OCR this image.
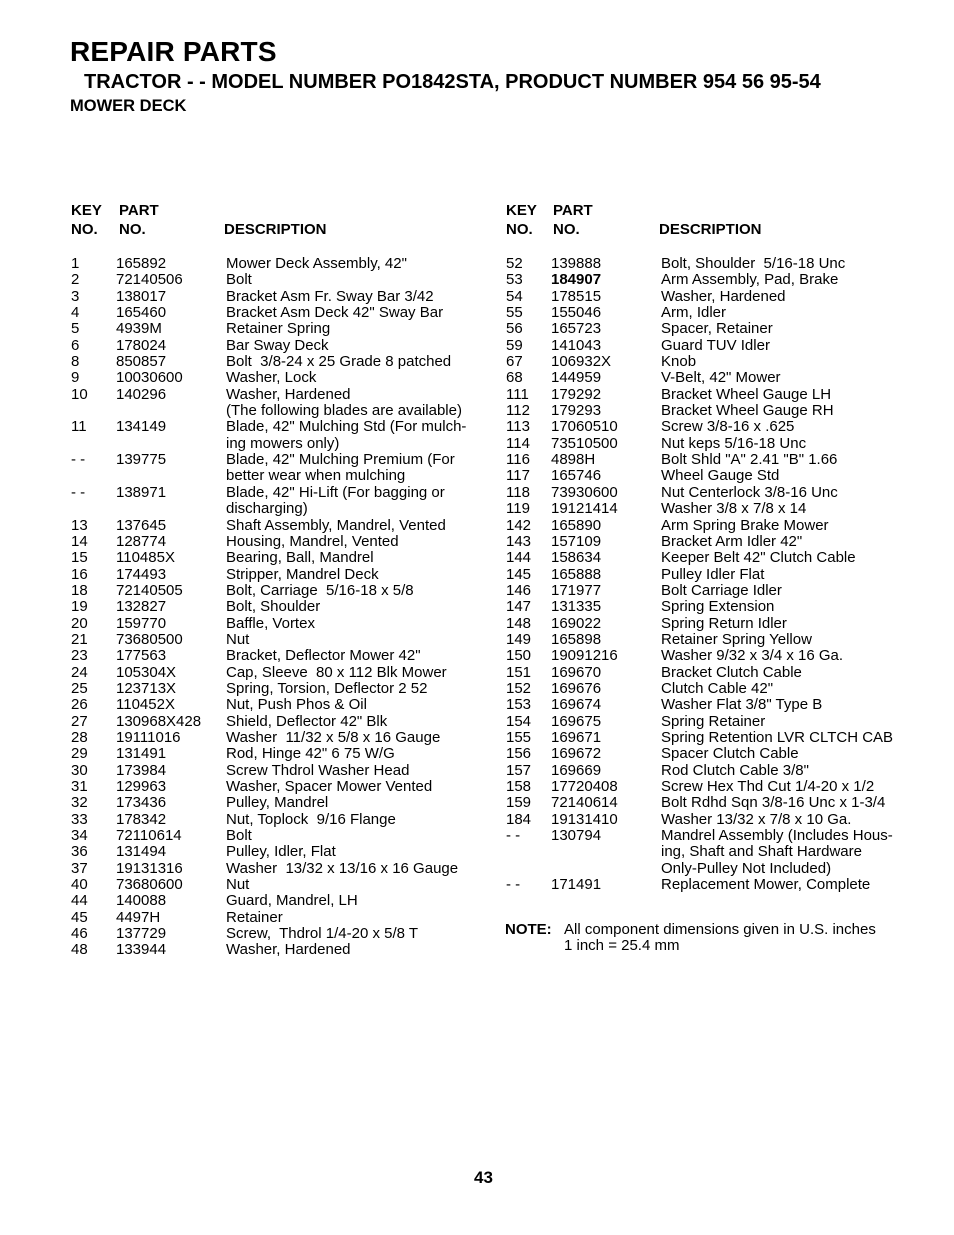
REPAIR PARTS
TRACTOR - - MODEL NUMBER PO1842STA, PRODUCT NUMBER 954 56 95-54
MOWER DECK
KEY
NO.
PART
NO.	DESCRIPTION
1 165892	Mower Deck Assembly, 42"
2 72140506	Bolt
3 138017	Bracket Asm Fr. Sway Bar 3/42
4 165460	Bracket Asm Deck 42" Sway Bar
5 4939M	Retainer Spring
6 178024	Bar Sway Deck
8 850857	Bolt  3/8-24 x 25 Grade 8 patched
9 10030600	Washer, Lock
10 140296	Washer, Hardened
(The following blades are available)
11 134149	Blade, 42" Mulching Std (For mulch-
ing mowers only)
- - 139775	Blade, 42" Mulching Premium (For
better wear when mulching
- - 138971	Blade, 42" Hi-Lift (For bagging or
discharging)
13 137645	Shaft Assembly, Mandrel, Vented
14 128774	Housing, Mandrel, Vented
15 110485X	Bearing, Ball, Mandrel
16 174493	Stripper, Mandrel Deck
18 72140505	Bolt, Carriage  5/16-18 x 5/8
19 132827	Bolt, Shoulder
20 159770	Baffle, Vortex
21 73680500	Nut
23 177563	Bracket, Deflector Mower 42"
24 105304X	Cap, Sleeve  80 x 112 Blk Mower
25 123713X	Spring, Torsion, Deflector 2 52
26 110452X	Nut, Push Phos & Oil
27 130968X428 Shield, Deflector 42" Blk
28 19111016	Washer  11/32 x 5/8 x 16 Gauge
29 131491	Rod, Hinge 42" 6 75 W/G
30 173984	Screw Thdrol Washer Head
31 129963	Washer, Spacer Mower Vented
32 173436	Pulley, Mandrel
33 178342	Nut, Toplock  9/16 Flange
34 72110614	Bolt
36 131494	Pulley, Idler, Flat
37 19131316	Washer  13/32 x 13/16 x 16 Gauge
40 73680600	Nut
44 140088	Guard, Mandrel, LH
45 4497H	Retainer
46 137729	Screw,  Thdrol 1/4-20 x 5/8 T
48 133944	Washer, Hardened
KEY
NO.
PART
NO.	DESCRIPTION
52 139888	Bolt, Shoulder  5/16-18 Unc
53 184907	Arm Assembly, Pad, Brake
54 178515	Washer, Hardened
55 155046	Arm, Idler
56 165723	Spacer, Retainer
59 141043	Guard TUV Idler
67 106932X	Knob
68 144959	V-Belt, 42" Mower
111 179292	Bracket Wheel Gauge LH
112 179293	Bracket Wheel Gauge RH
113 17060510	Screw 3/8-16 x .625
114 73510500	Nut keps 5/16-18 Unc
116 4898H	Bolt Shld "A" 2.41 "B" 1.66
117 165746	Wheel Gauge Std
118 73930600	Nut Centerlock 3/8-16 Unc
119 19121414	Washer 3/8 x 7/8 x 14
142 165890	Arm Spring Brake Mower
143 157109	Bracket Arm Idler 42"
144 158634	Keeper Belt 42" Clutch Cable
145 165888	Pulley Idler Flat
146 171977	Bolt Carriage Idler
147 131335	Spring Extension
148 169022	Spring Return Idler
149 165898	Retainer Spring Yellow
150 19091216	Washer 9/32 x 3/4 x 16 Ga.
151 169670	Bracket Clutch Cable
152 169676	Clutch Cable 42"
153 169674	Washer Flat 3/8" Type B
154 169675	Spring Retainer
155 169671	Spring Retention LVR CLTCH CAB
156 169672	Spacer Clutch Cable
157 169669	Rod Clutch Cable 3/8"
158 17720408	Screw Hex Thd Cut 1/4-20 x 1/2
159 72140614	Bolt Rdhd Sqn 3/8-16 Unc x 1-3/4
184 19131410	Washer 13/32 x 7/8 x 10 Ga.
- - 130794	Mandrel Assembly (Includes Hous-
ing, Shaft and Shaft Hardware
Only-Pulley Not Included)
- - 171491	Replacement Mower, Complete
NOTE: All component dimensions given in U.S. inches
1 inch = 25.4 mm
43
